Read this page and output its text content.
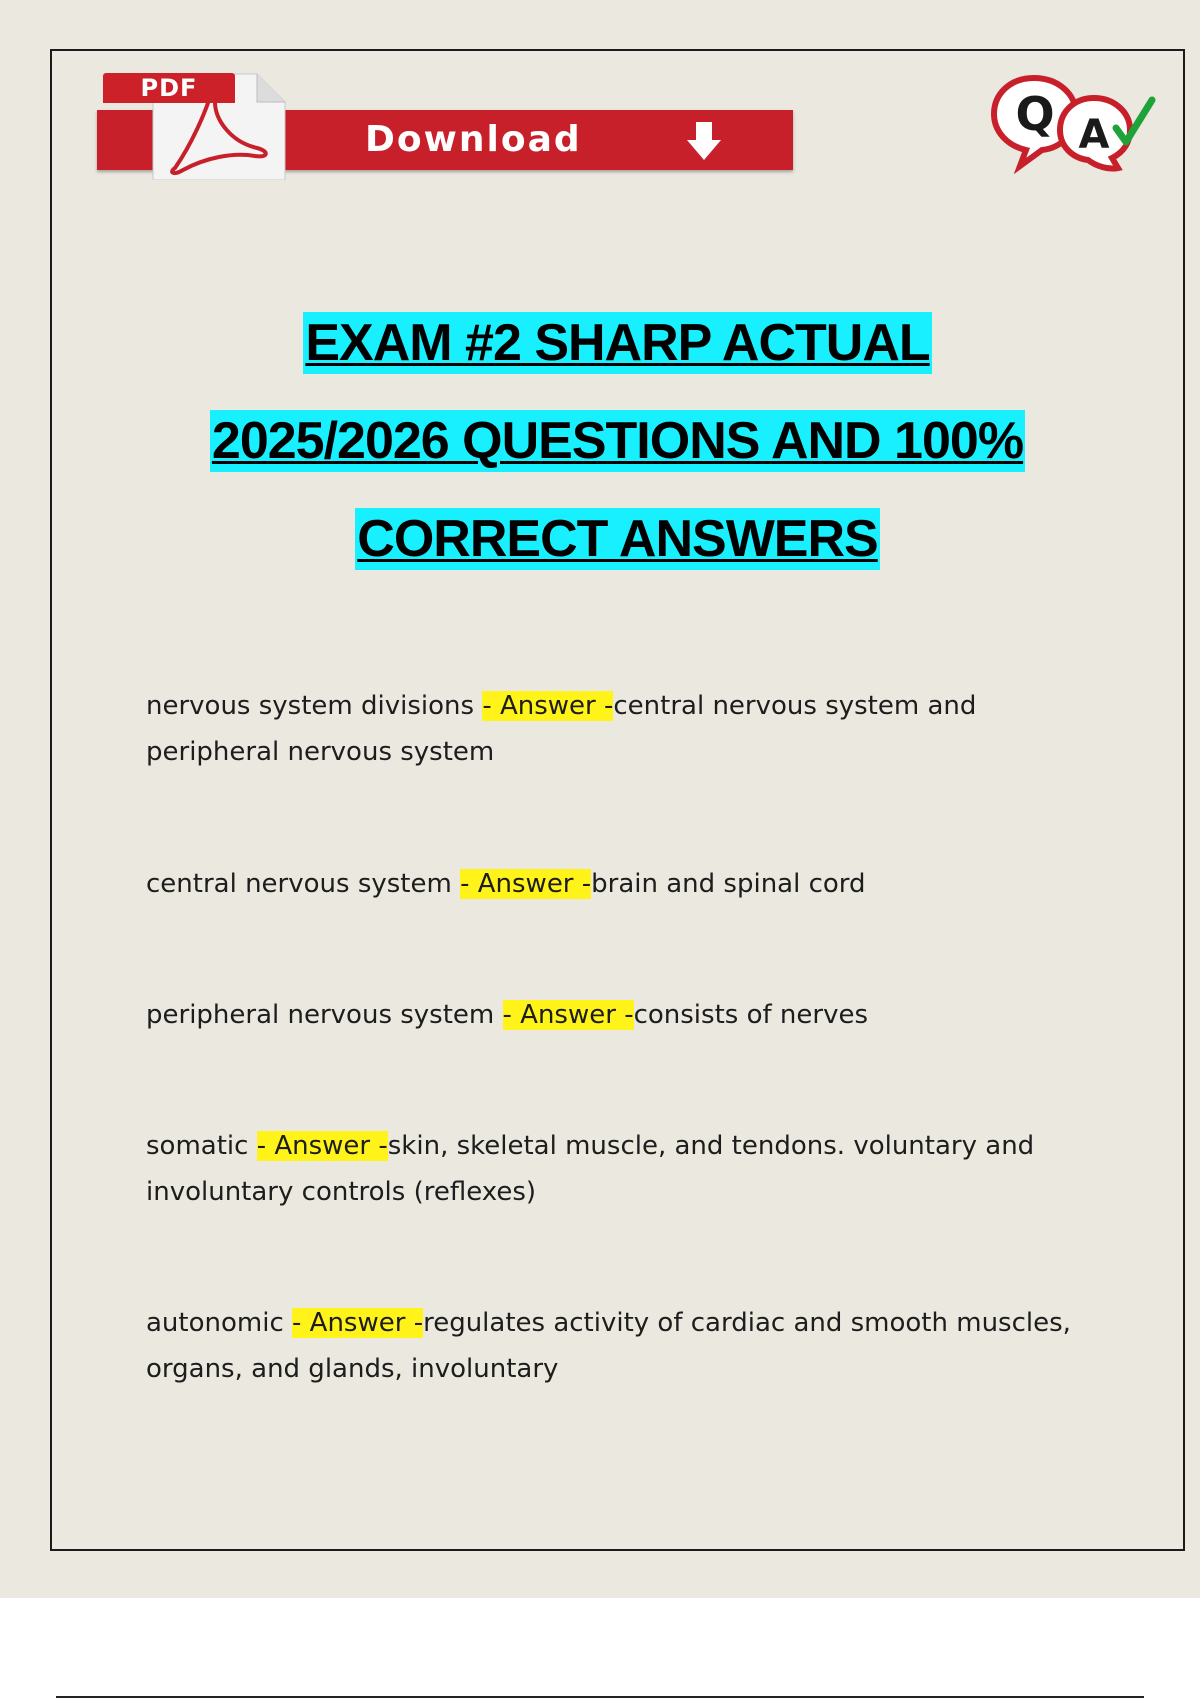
PDF
Download	Q A
EXAM #2 SHARP ACTUAL
2025/2026 QUESTIONS AND 100%
CORRECT ANSWERS

nervous system divisions - Answer -central nervous system and peripheral nervous system

central nervous system - Answer -brain and spinal cord

peripheral nervous system - Answer -consists of nerves

somatic - Answer -skin, skeletal muscle, and tendons. voluntary and involuntary controls (reflexes)

autonomic - Answer -regulates activity of cardiac and smooth muscles, organs, and glands, involuntary
